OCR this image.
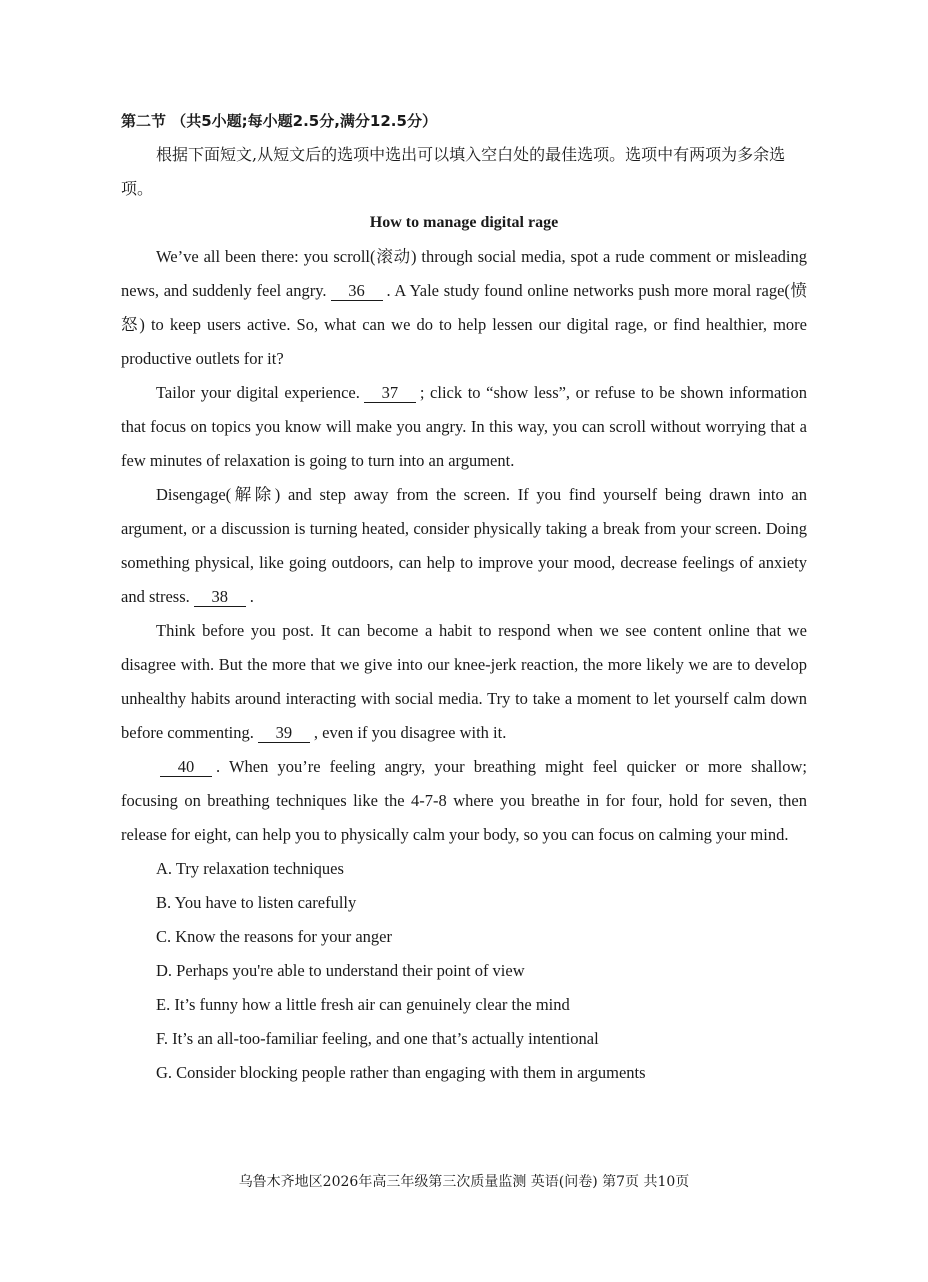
第二节 （共5小题;每小题2.5分,满分12.5分）

根据下面短文,从短文后的选项中选出可以填入空白处的最佳选项。选项中有两项为多余选项。

How to manage digital rage

We’ve all been there: you scroll(滚动) through social media, spot a rude comment or misleading news, and suddenly feel angry. 36 . A Yale study found online networks push more moral rage(愤怒) to keep users active. So, what can we do to help lessen our digital rage, or find healthier, more productive outlets for it?

Tailor your digital experience. 37 ; click to “show less”, or refuse to be shown information that focus on topics you know will make you angry. In this way, you can scroll without worrying that a few minutes of relaxation is going to turn into an argument.

Disengage(解除) and step away from the screen. If you find yourself being drawn into an argument, or a discussion is turning heated, consider physically taking a break from your screen. Doing something physical, like going outdoors, can help to improve your mood, decrease feelings of anxiety and stress. 38 .

Think before you post. It can become a habit to respond when we see content online that we disagree with. But the more that we give into our knee-jerk reaction, the more likely we are to develop unhealthy habits around interacting with social media. Try to take a moment to let yourself calm down before commenting. 39 , even if you disagree with it.

40 . When you’re feeling angry, your breathing might feel quicker or more shallow; focusing on breathing techniques like the 4-7-8 where you breathe in for four, hold for seven, then release for eight, can help you to physically calm your body, so you can focus on calming your mind.

A. Try relaxation techniques
B. You have to listen carefully
C. Know the reasons for your anger
D. Perhaps you're able to understand their point of view
E. It’s funny how a little fresh air can genuinely clear the mind
F. It’s an all-too-familiar feeling, and one that’s actually intentional
G. Consider blocking people rather than engaging with them in arguments
乌鲁木齐地区2026年高三年级第三次质量监测 英语(问卷) 第7页 共10页
